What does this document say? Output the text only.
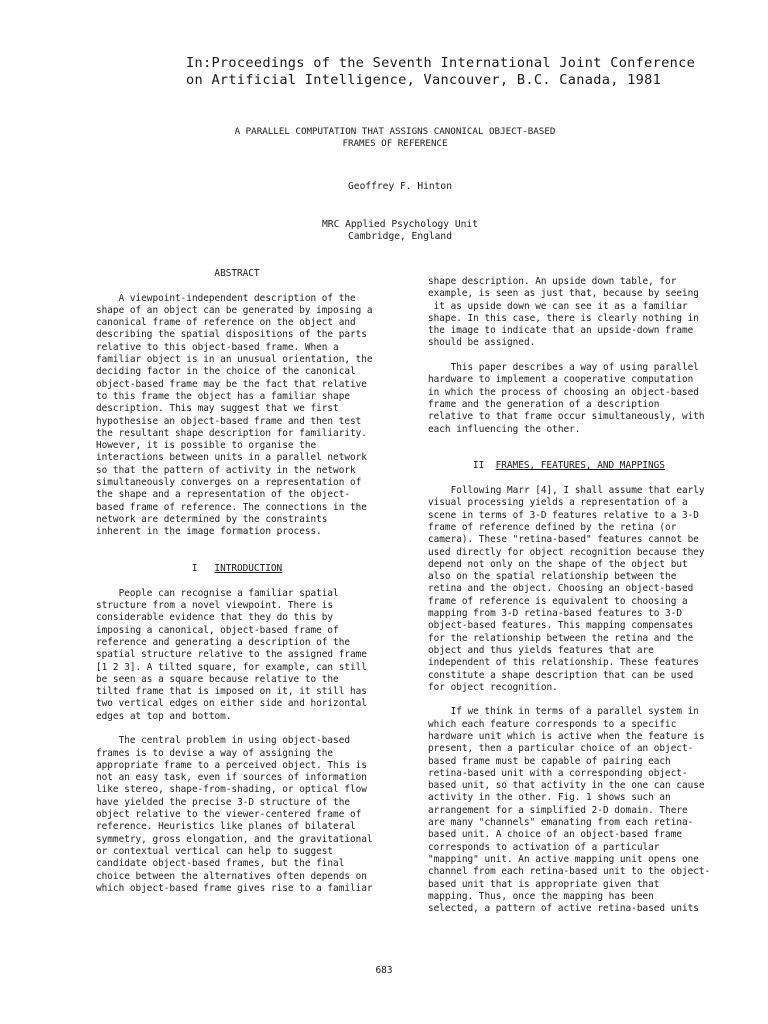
In:Proceedings of the Seventh International Joint Conference
on Artificial Intelligence, Vancouver, B.C. Canada, 1981
A PARALLEL COMPUTATION THAT ASSIGNS CANONICAL OBJECT-BASED
FRAMES OF REFERENCE
Geoffrey F. Hinton
MRC Applied Psychology Unit
Cambridge, England
ABSTRACT
A viewpoint-independent description of the
shape of an object can be generated by imposing a
canonical frame of reference on the object and
describing the spatial dispositions of the parts
relative to this object-based frame. When a
familiar object is in an unusual orientation, the
deciding factor in the choice of the canonical
object-based frame may be the fact that relative
to this frame the object has a familiar shape
description. This may suggest that we first
hypothesise an object-based frame and then test
the resultant shape description for familiarity.
However, it is possible to organise the
interactions between units in a parallel network
so that the pattern of activity in the network
simultaneously converges on a representation of
the shape and a representation of the object-
based frame of reference. The connections in the
network are determined by the constraints
inherent in the image formation process.
I INTRODUCTION
People can recognise a familiar spatial
structure from a novel viewpoint. There is
considerable evidence that they do this by
imposing a canonical, object-based frame of
reference and generating a description of the
spatial structure relative to the assigned frame
[1 2 3]. A tilted square, for example, can still
be seen as a square because relative to the
tilted frame that is imposed on it, it still has
two vertical edges on either side and horizontal
edges at top and bottom.
The central problem in using object-based
frames is to devise a way of assigning the
appropriate frame to a perceived object. This is
not an easy task, even if sources of information
like stereo, shape-from-shading, or optical flow
have yielded the precise 3-D structure of the
object relative to the viewer-centered frame of
reference. Heuristics like planes of bilateral
symmetry, gross elongation, and the gravitational
or contextual vertical can help to suggest
candidate object-based frames, but the final
choice between the alternatives often depends on
which object-based frame gives rise to a familiar
shape description. An upside down table, for
example, is seen as just that, because by seeing
it as upside down we can see it as a familiar
shape. In this case, there is clearly nothing in
the image to indicate that an upside-down frame
should be assigned.
This paper describes a way of using parallel
hardware to implement a cooperative computation
in which the process of choosing an object-based
frame and the generation of a description
relative to that frame occur simultaneously, with
each influencing the other.
II FRAMES, FEATURES, AND MAPPINGS
Following Marr [4], I shall assume that early
visual processing yields a representation of a
scene in terms of 3-D features relative to a 3-D
frame of reference defined by the retina (or
camera). These "retina-based" features cannot be
used directly for object recognition because they
depend not only on the shape of the object but
also on the spatial relationship between the
retina and the object. Choosing an object-based
frame of reference is equivalent to choosing a
mapping from 3-D retina-based features to 3-D
object-based features. This mapping compensates
for the relationship between the retina and the
object and thus yields features that are
independent of this relationship. These features
constitute a shape description that can be used
for object recognition.
If we think in terms of a parallel system in
which each feature corresponds to a specific
hardware unit which is active when the feature is
present, then a particular choice of an object-
based frame must be capable of pairing each
retina-based unit with a corresponding object-
based unit, so that activity in the one can cause
activity in the other. Fig. 1 shows such an
arrangement for a simplified 2-D domain. There
are many "channels" emanating from each retina-
based unit. A choice of an object-based frame
corresponds to activation of a particular
"mapping" unit. An active mapping unit opens one
channel from each retina-based unit to the object-
based unit that is appropriate given that
mapping. Thus, once the mapping has been
selected, a pattern of active retina-based units
683
